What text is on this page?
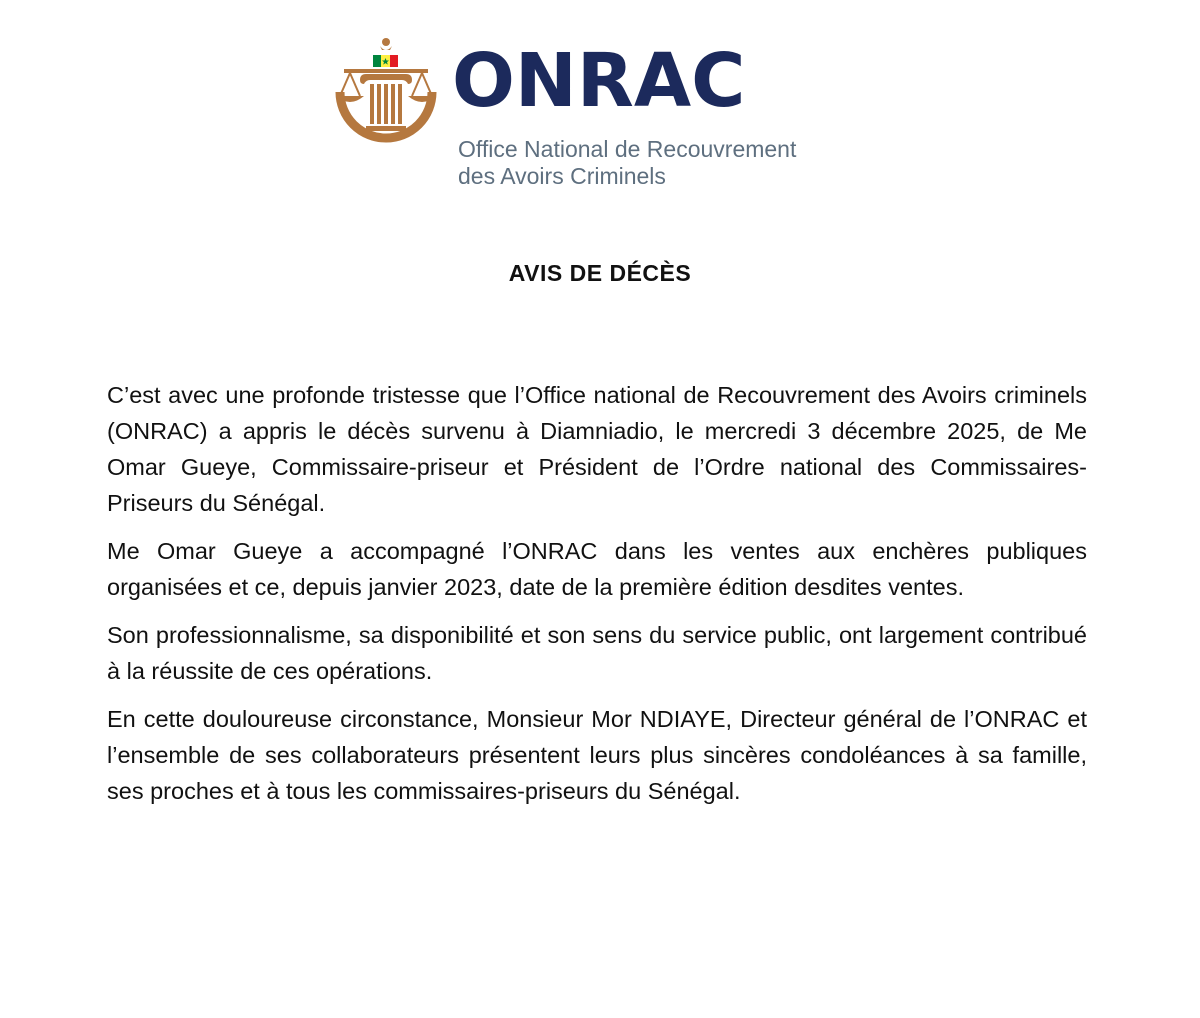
ONRAC
Office National de Recouvrement
des Avoirs Criminels
AVIS DE DÉCÈS

C’est avec une profonde tristesse que l’Office national de Recouvrement des Avoirs criminels (ONRAC) a appris le décès survenu à Diamniadio, le mercredi 3 décembre 2025, de Me Omar Gueye, Commissaire-priseur et Président de l’Ordre national des Commissaires-Priseurs du Sénégal.

Me Omar Gueye a accompagné l’ONRAC dans les ventes aux enchères publiques organisées et ce, depuis janvier 2023, date de la première édition desdites ventes.

Son professionnalisme, sa disponibilité et son sens du service public, ont largement contribué à la réussite de ces opérations.

En cette douloureuse circonstance, Monsieur Mor NDIAYE, Directeur général de l’ONRAC et l’ensemble de ses collaborateurs présentent leurs plus sincères condoléances à sa famille, ses proches et à tous les commissaires-priseurs du Sénégal.
